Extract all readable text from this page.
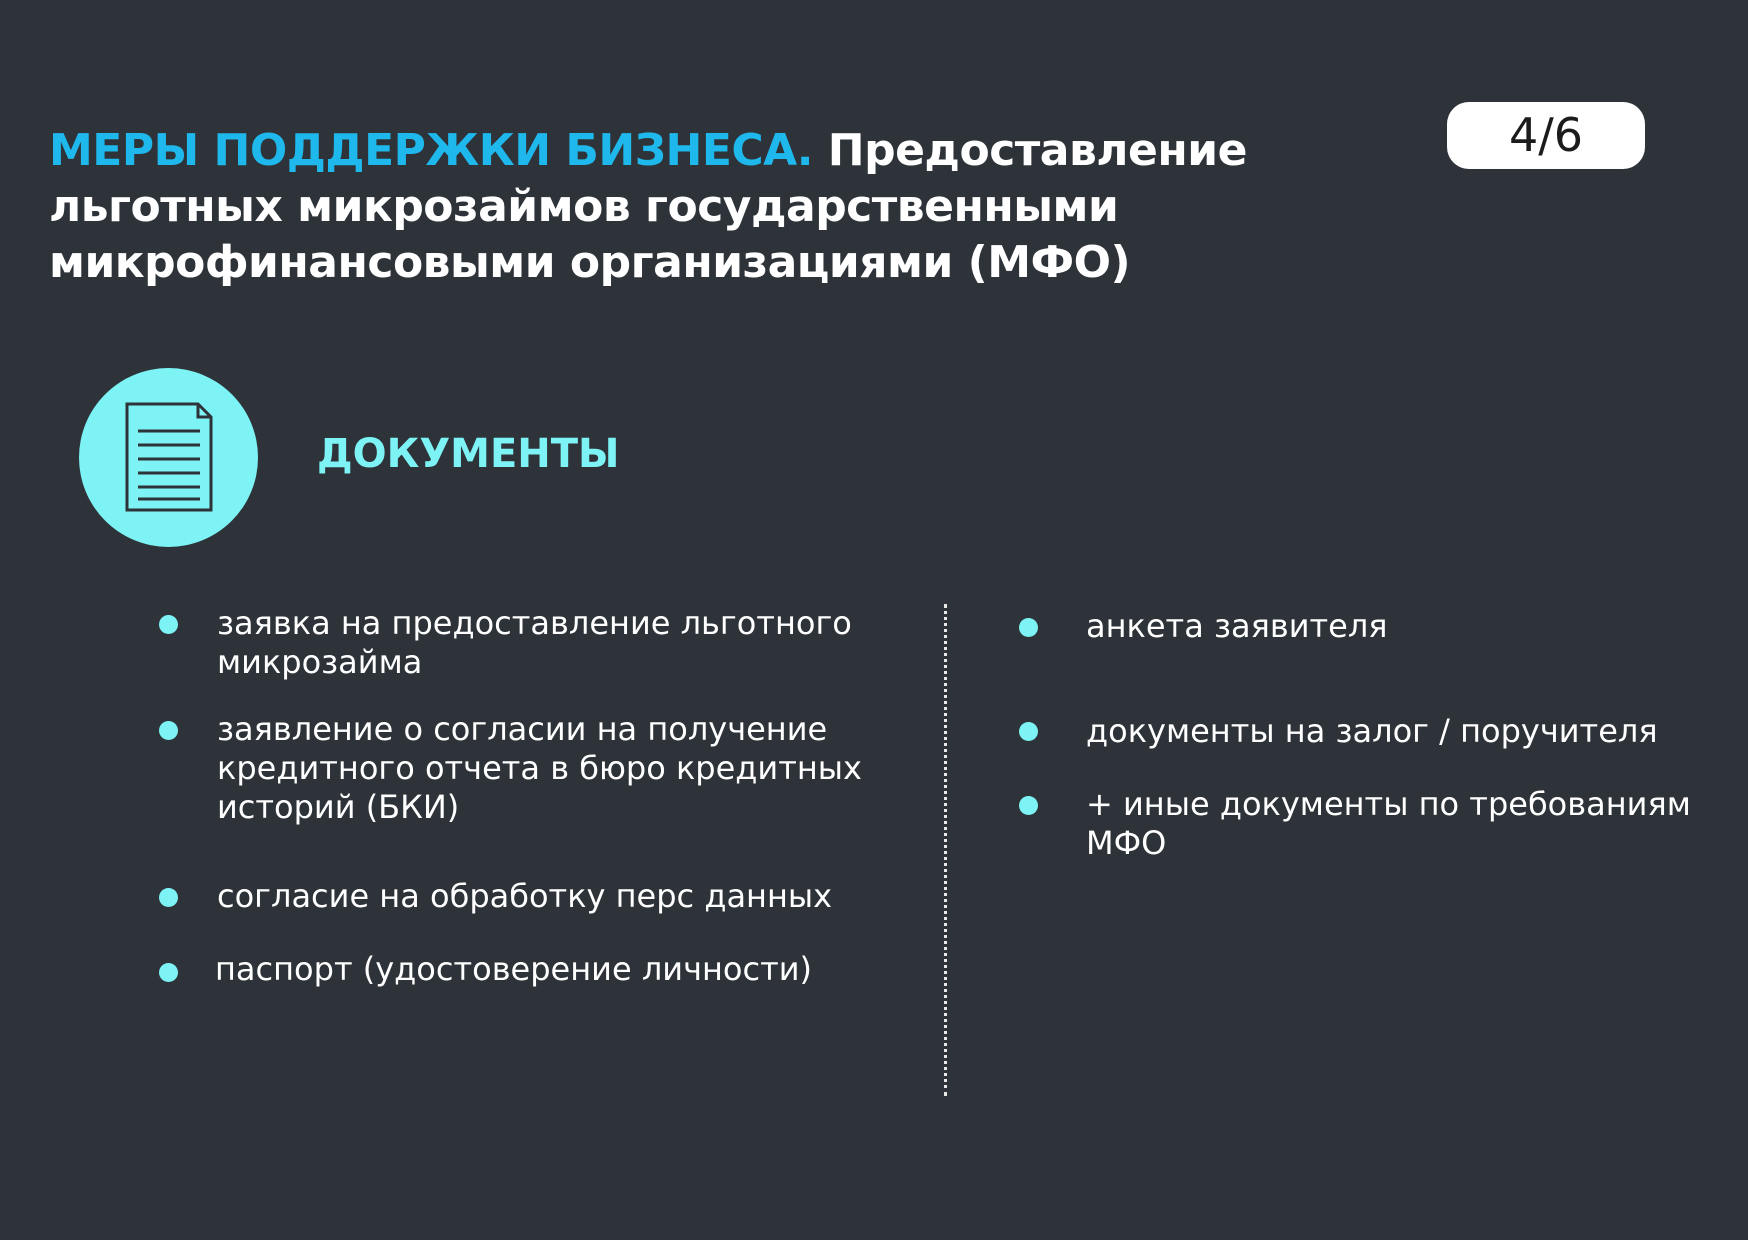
МЕРЫ ПОДДЕРЖКИ БИЗНЕСА. Предоставление льготных микрозаймов государственными микрофинансовыми организациями (МФО)
4/6
ДОКУМЕНТЫ

заявка на предоставление льготного микрозайма

заявление о согласии на получение кредитного отчета в бюро кредитных историй (БКИ)

согласие на обработку перс данных

паспорт (удостоверение личности)

анкета заявителя

документы на залог / поручителя

+ иные документы по требованиям МФО
